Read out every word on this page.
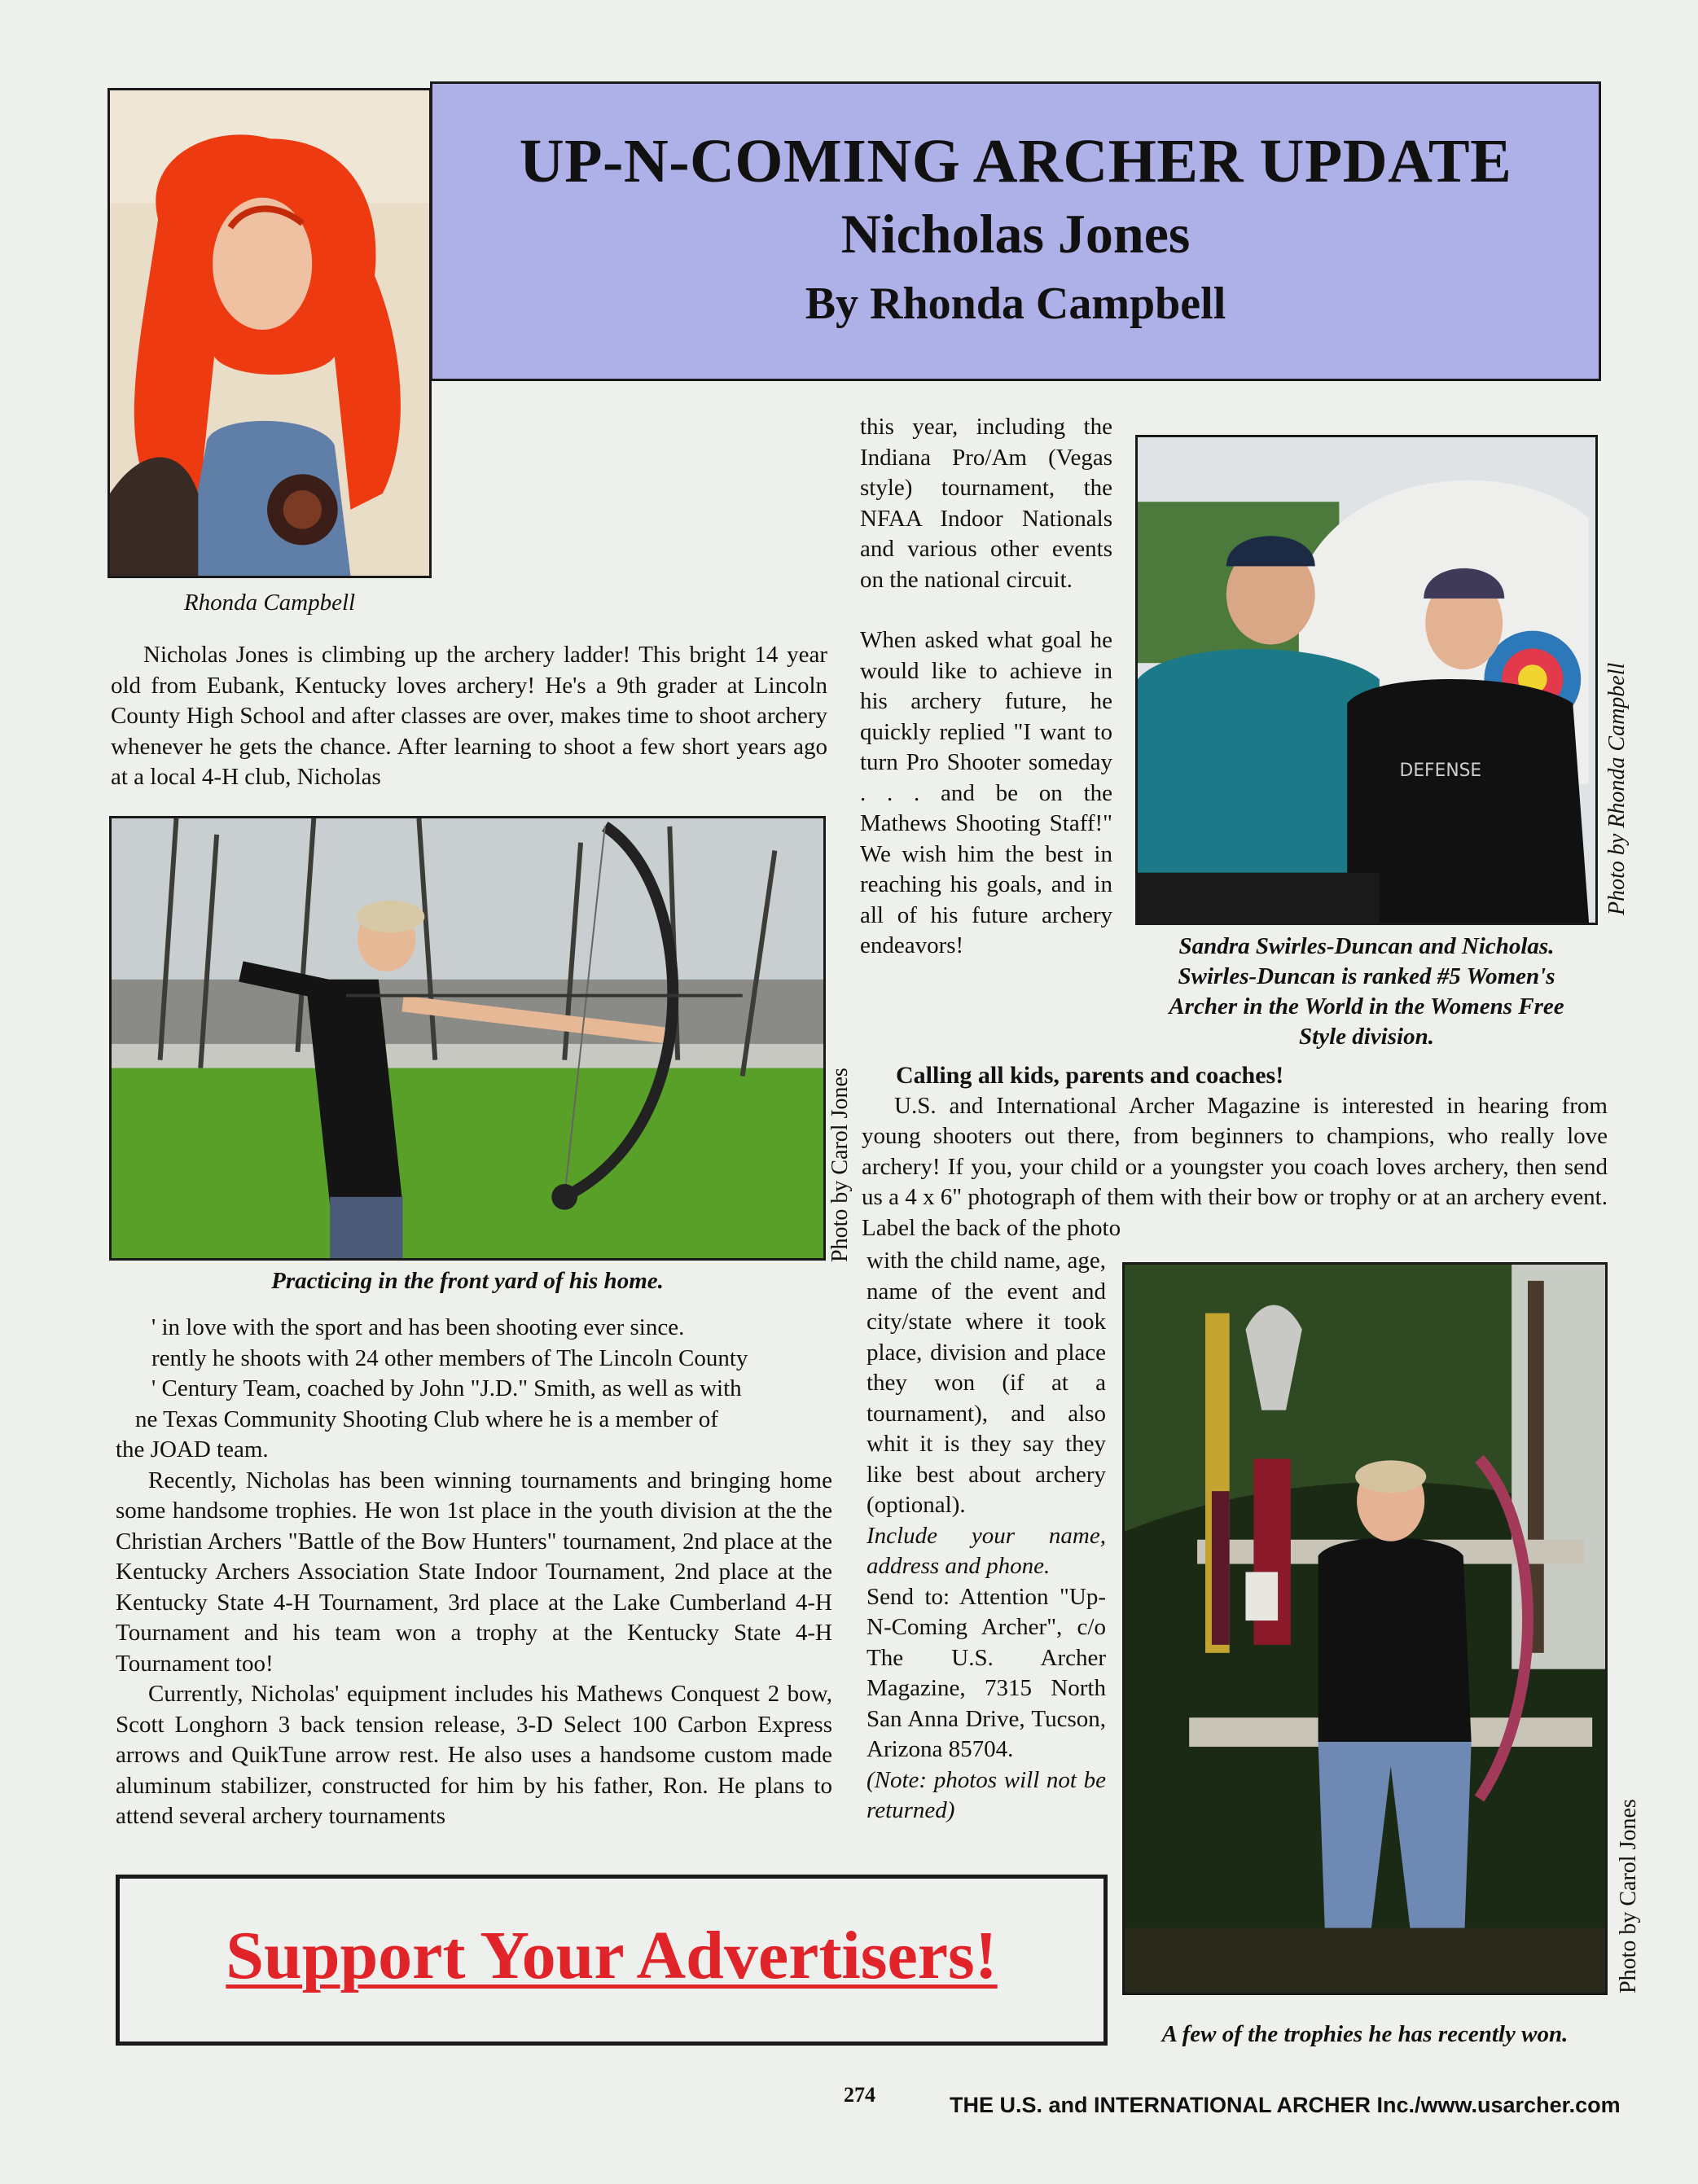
UP-N-COMING ARCHER UPDATE
Nicholas Jones
By Rhonda Campbell
Rhonda Campbell

Nicholas Jones is climbing up the archery ladder! This bright 14 year old from Eubank, Kentucky loves archery! He's a 9th grader at Lincoln County High School and after classes are over, makes time to shoot archery whenever he gets the chance. After learning to shoot a few short years ago at a local 4-H club, Nicholas

Practicing in the front yard of his home.
Photo by Carol Jones
' in love with the sport and has been shooting ever since.
rently he shoots with 24 other members of The Lincoln County
' Century Team, coached by John "J.D." Smith, as well as with
ne Texas Community Shooting Club where he is a member of
the JOAD team.

Recently, Nicholas has been winning tournaments and bringing home some handsome trophies. He won 1st place in the youth division at the the Christian Archers "Battle of the Bow Hunters" tournament, 2nd place at the Kentucky Archers Association State Indoor Tournament, 2nd place at the Kentucky State 4-H Tournament, 3rd place at the Lake Cumberland 4-H Tournament and his team won a trophy at the Kentucky State 4-H Tournament too!

Currently, Nicholas' equipment includes his Mathews Conquest 2 bow, Scott Longhorn 3 back tension release, 3-D Select 100 Carbon Express arrows and QuikTune arrow rest. He also uses a handsome custom made aluminum stabilizer, constructed for him by his father, Ron. He plans to attend several archery tournaments

this year, including the Indiana Pro/Am (Vegas style) tournament, the NFAA Indoor Nationals and various other events on the national circuit.

When asked what goal he would like to achieve in his archery future, he quickly replied "I want to turn Pro Shooter someday . . . and be on the Mathews Shooting Staff!" We wish him the best in reaching his goals, and in all of his future archery endeavors!

DEFENSE	Photo by Rhonda Campbell
Sandra Swirles-Duncan and Nicholas.
Swirles-Duncan is ranked #5 Women's
Archer in the World in the Womens Free
Style division.
Calling all kids, parents and coaches!

U.S. and International Archer Magazine is interested in hearing from young shooters out there, from beginners to champions, who really love archery! If you, your child or a youngster you coach loves archery, then send us a 4 x 6" photograph of them with their bow or trophy or at an archery event. Label the back of the photo

with the child name, age, name of the event and city/state where it took place, division and place they won (if at a tournament), and also whit it is they say they like best about archery (optional).

Include your name, address and phone.

Send to: Attention "Up-N-Coming Archer", c/o The U.S. Archer Magazine, 7315 North San Anna Drive, Tucson, Arizona 85704.

(Note: photos will not be returned)	Photo by Carol Jones
A few of the trophies he has recently won.
Support Your Advertisers!
274	THE U.S. and INTERNATIONAL ARCHER Inc./www.usarcher.com
